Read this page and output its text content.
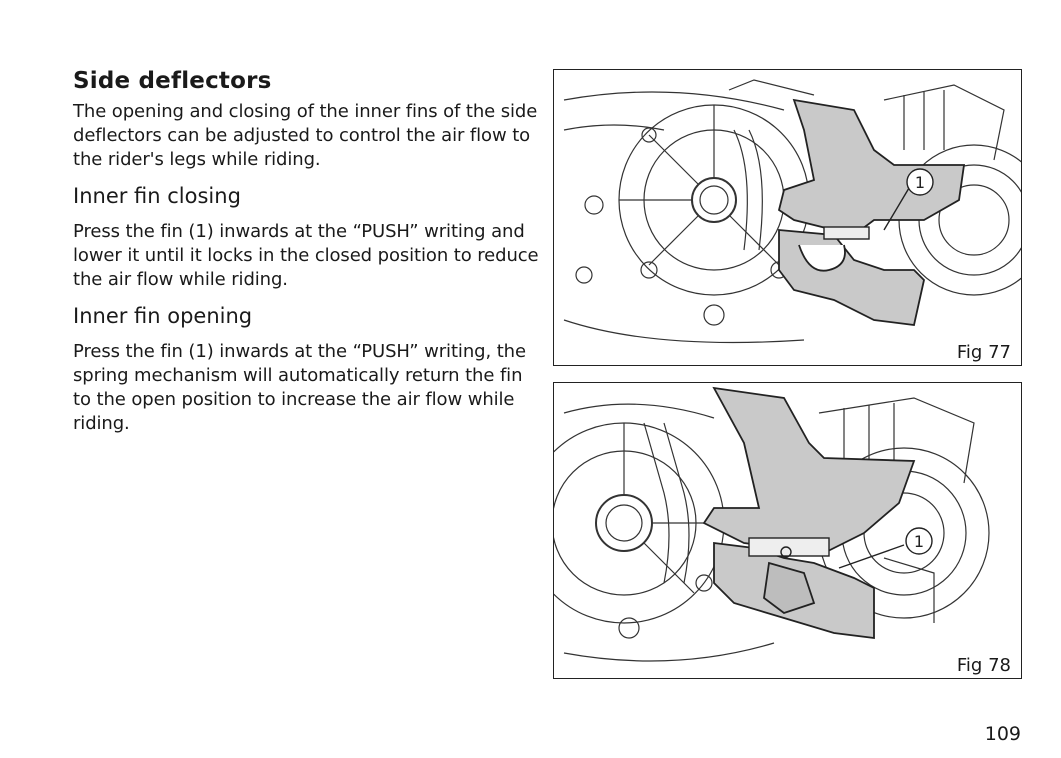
Side deflectors

The opening and closing of the inner fins of the side deflectors can be adjusted to control the air flow to the rider's legs while riding.

Inner fin closing

Press the fin (1) inwards at the “PUSH” writing and lower it until it locks in the closed position to reduce the air flow while riding.

Inner fin opening

Press the fin (1) inwards at the “PUSH” writing, the spring mechanism will automatically return the fin to the open position to increase the air flow while riding.

1
Fig 77
1
Fig 78
109
